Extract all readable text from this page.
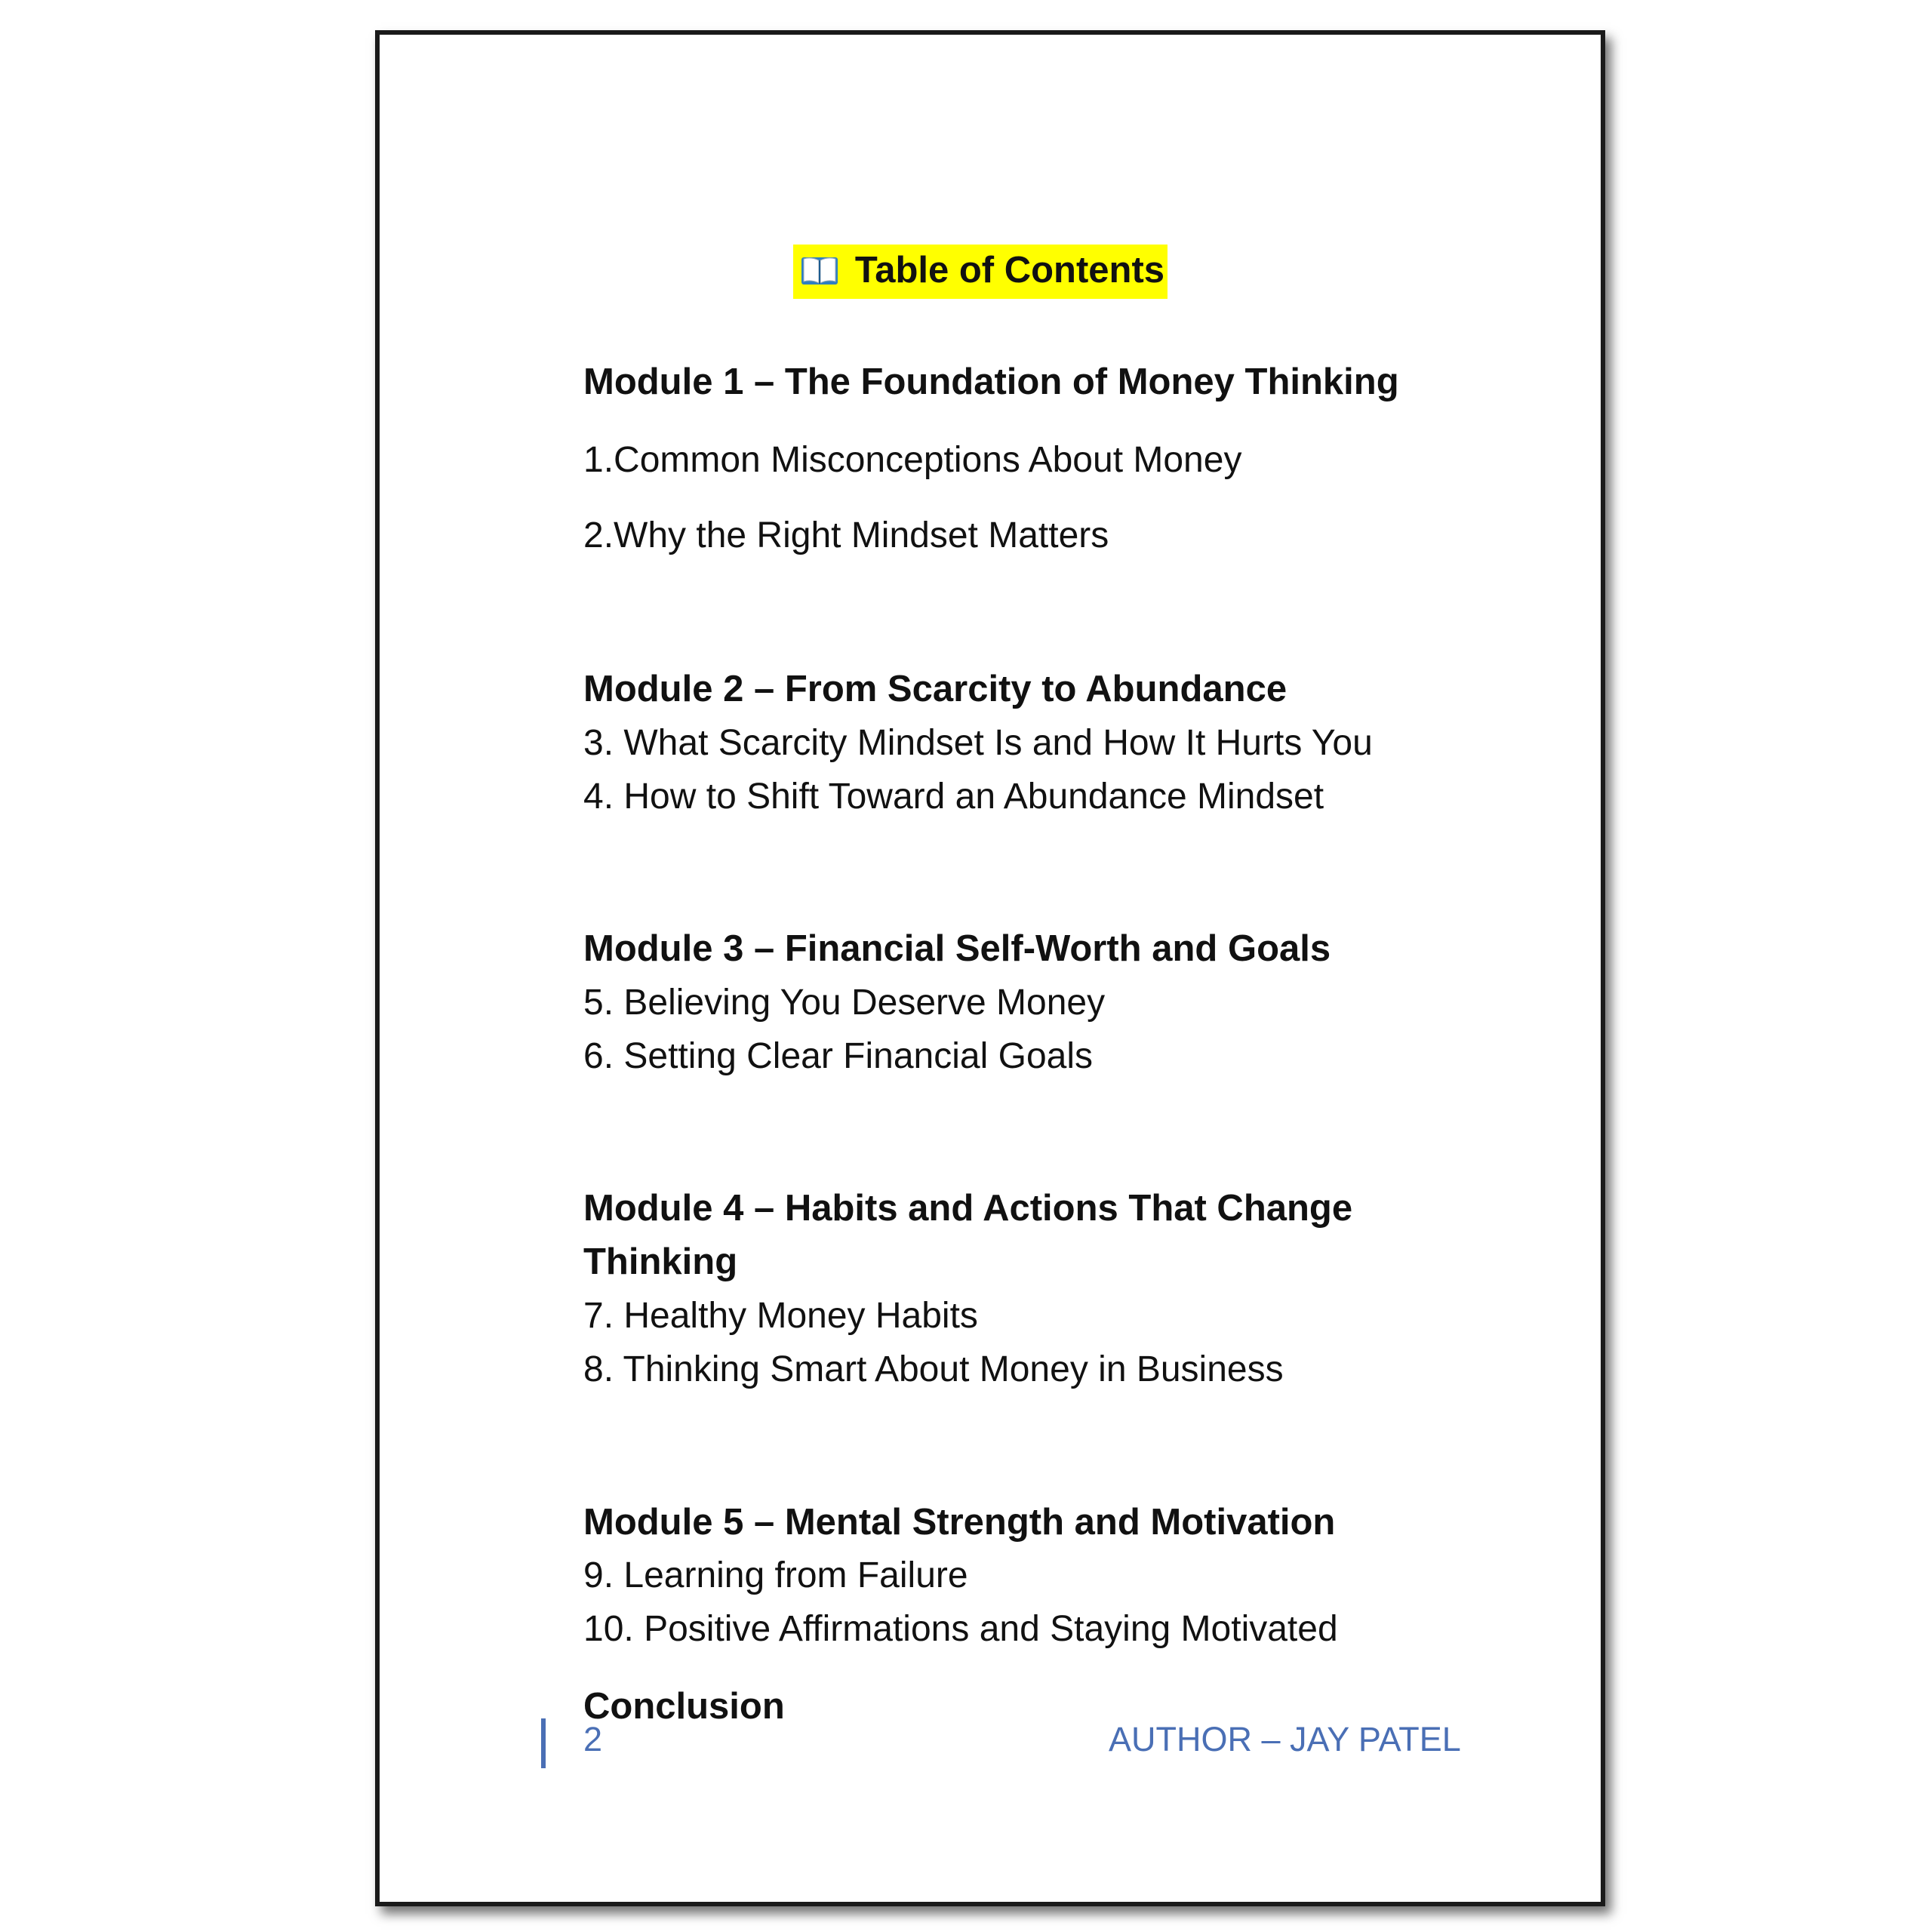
Table of Contents
Module 1 – The Foundation of Money Thinking
1.Common Misconceptions About Money
2.Why the Right Mindset Matters
Module 2 – From Scarcity to Abundance
3. What Scarcity Mindset Is and How It Hurts You
4. How to Shift Toward an Abundance Mindset
Module 3 – Financial Self-Worth and Goals
5. Believing You Deserve Money
6. Setting Clear Financial Goals
Module 4 – Habits and Actions That Change
Thinking
7. Healthy Money Habits
8. Thinking Smart About Money in Business
Module 5 – Mental Strength and Motivation
9. Learning from Failure
10. Positive Affirmations and Staying Motivated
Conclusion
2	AUTHOR – JAY PATEL
